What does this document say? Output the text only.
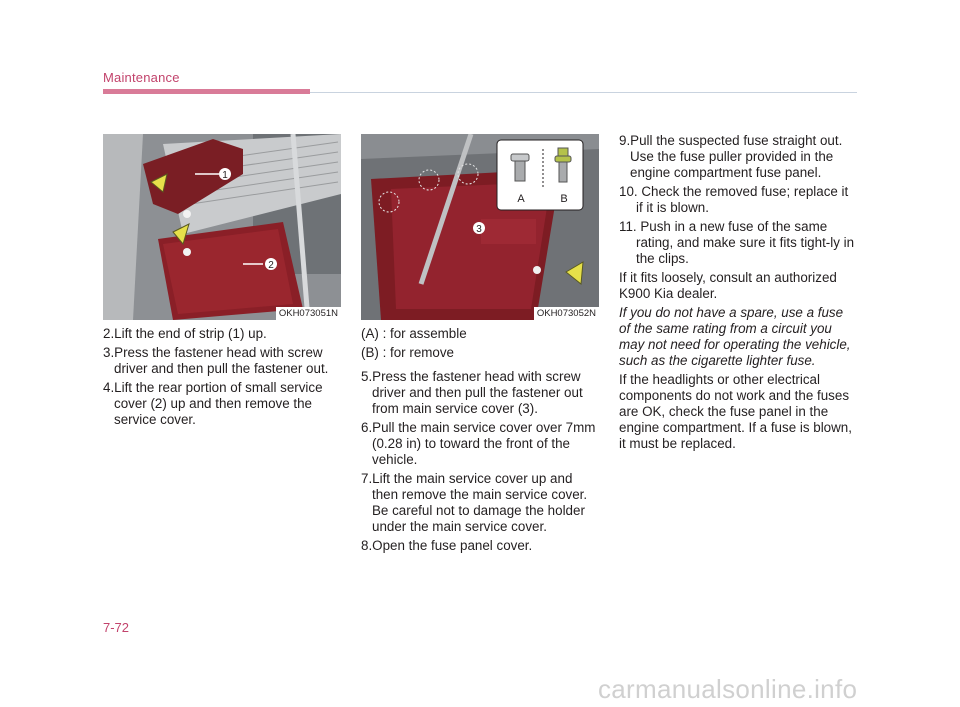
Maintenance
1
2
OKH073051N
3
A	B
OKH073052N

2.Lift the end of strip (1) up.

3.Press the fastener head with screw driver and then pull the fastener out.

4.Lift the rear portion of small service cover (2) up and then remove the service cover.

(A) : for assemble

(B) : for remove

5.Press the fastener head with screw driver and then pull the fastener out from main service cover (3).

6.Pull the main service cover over 7mm (0.28 in) to toward the front of the vehicle.

7.Lift the main service cover up and then remove the main service cover. Be careful not to damage the holder under the main service cover.

8.Open the fuse panel cover.

9.Pull the suspected fuse straight out. Use the fuse puller provided in the engine compartment fuse panel.

10. Check the removed fuse; replace it if it is blown.

11. Push in a new fuse of the same rating, and make sure it fits tight-ly in the clips.

If it fits loosely, consult an authorized K900 Kia dealer.

If you do not have a spare, use a fuse of the same rating from a circuit you may not need for operating the vehicle, such as the cigarette lighter fuse.

If the headlights or other electrical components do not work and the fuses are OK, check the fuse panel in the engine compartment. If a fuse is blown, it must be replaced.

7-72
carmanualsonline.info
